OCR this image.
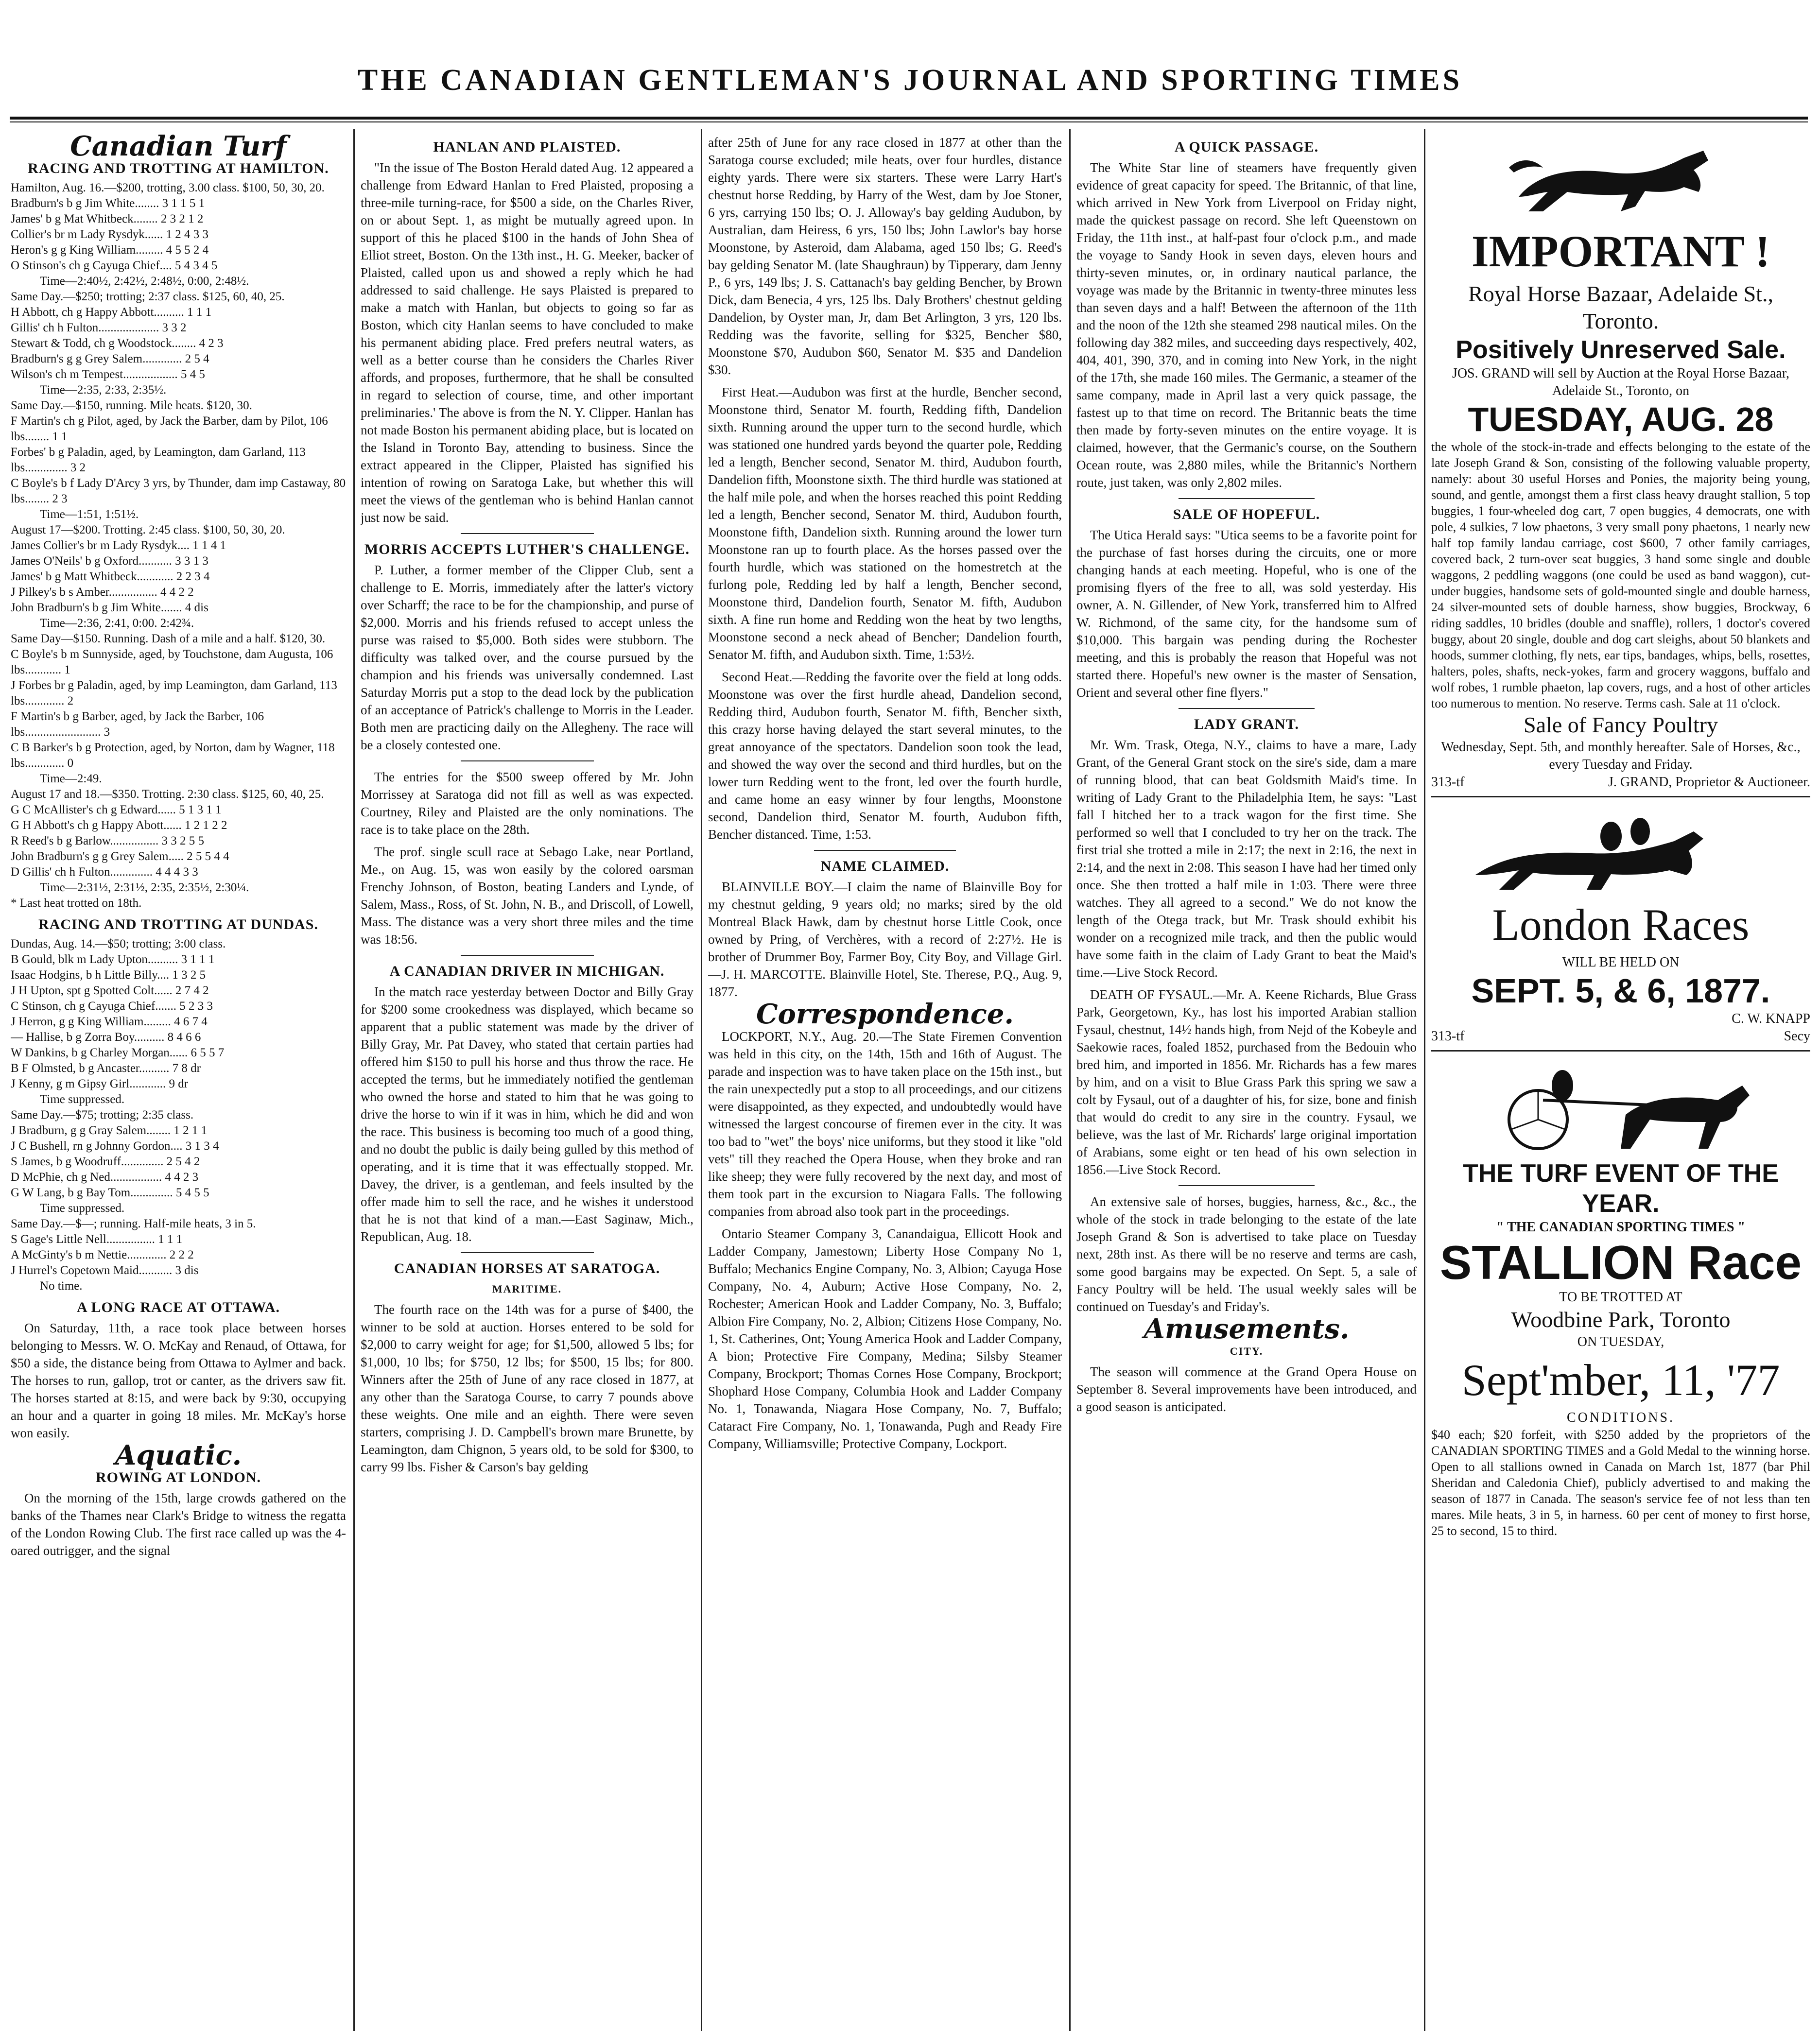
THE CANADIAN GENTLEMAN'S JOURNAL AND SPORTING TIMES
Canadian Turf
RACING AND TROTTING AT HAMILTON.
Hamilton, Aug. 16.—$200, trotting, 3.00 class. $100, 50, 30, 20.
Bradburn's b g Jim White........ 3 1 1 5 1
James' b g Mat Whitbeck........ 2 3 2 1 2
Collier's br m Lady Rysdyk...... 1 2 4 3 3
Heron's g g King William......... 4 5 5 2 4
O Stinson's ch g Cayuga Chief.... 5 4 3 4 5
Time—2:40½, 2:42½, 2:48½, 0:00, 2:48½.
Same Day.—$250; trotting; 2:37 class. $125, 60, 40, 25.
H Abbott, ch g Happy Abbott.......... 1 1 1
Gillis' ch h Fulton.................... 3 3 2
Stewart & Todd, ch g Woodstock........ 4 2 3
Bradburn's g g Grey Salem............. 2 5 4
Wilson's ch m Tempest.................. 5 4 5
Time—2:35, 2:33, 2:35½.
Same Day.—$150, running. Mile heats. $120, 30.
F Martin's ch g Pilot, aged, by Jack the Barber, dam by Pilot, 106 lbs........ 1 1
Forbes' b g Paladin, aged, by Leamington, dam Garland, 113 lbs.............. 3 2
C Boyle's b f Lady D'Arcy 3 yrs, by Thunder, dam imp Castaway, 80 lbs........ 2 3
Time—1:51, 1:51½.
August 17—$200. Trotting. 2:45 class. $100, 50, 30, 20.
James Collier's br m Lady Rysdyk.... 1 1 4 1
James O'Neils' b g Oxford........... 3 3 1 3
James' b g Matt Whitbeck............ 2 2 3 4
J Pilkey's b s Amber................ 4 4 2 2
John Bradburn's b g Jim White....... 4 dis
Time—2:36, 2:41, 0:00. 2:42¾.
Same Day—$150. Running. Dash of a mile and a half. $120, 30.
C Boyle's b m Sunnyside, aged, by Touchstone, dam Augusta, 106 lbs............ 1
J Forbes br g Paladin, aged, by imp Leamington, dam Garland, 113 lbs............. 2
F Martin's b g Barber, aged, by Jack the Barber, 106 lbs......................... 3
C B Barker's b g Protection, aged, by Norton, dam by Wagner, 118 lbs............. 0
Time—2:49.
August 17 and 18.—$350. Trotting. 2:30 class. $125, 60, 40, 25.
G C McAllister's ch g Edward...... 5 1 3 1 1
G H Abbott's ch g Happy Abott...... 1 2 1 2 2
R Reed's b g Barlow................ 3 3 2 5 5
John Bradburn's g g Grey Salem..... 2 5 5 4 4
D Gillis' ch h Fulton.............. 4 4 4 3 3
Time—2:31½, 2:31½, 2:35, 2:35½, 2:30¼.
* Last heat trotted on 18th.
RACING AND TROTTING AT DUNDAS.
Dundas, Aug. 14.—$50; trotting; 3:00 class.
B Gould, blk m Lady Upton.......... 3 1 1 1
Isaac Hodgins, b h Little Billy.... 1 3 2 5
J H Upton, spt g Spotted Colt...... 2 7 4 2
C Stinson, ch g Cayuga Chief....... 5 2 3 3
J Herron, g g King William......... 4 6 7 4
— Hallise, b g Zorra Boy.......... 8 4 6 6
W Dankins, b g Charley Morgan...... 6 5 5 7
B F Olmsted, b g Ancaster.......... 7 8 dr
J Kenny, g m Gipsy Girl............ 9 dr
Time suppressed.
Same Day.—$75; trotting; 2:35 class.
J Bradburn, g g Gray Salem........ 1 2 1 1
J C Bushell, rn g Johnny Gordon.... 3 1 3 4
S James, b g Woodruff.............. 2 5 4 2
D McPhie, ch g Ned................. 4 4 2 3
G W Lang, b g Bay Tom.............. 5 4 5 5
Time suppressed.
Same Day.—$—; running. Half-mile heats, 3 in 5.
S Gage's Little Nell................ 1 1 1
A McGinty's b m Nettie............. 2 2 2
J Hurrel's Copetown Maid........... 3 dis
No time.
A LONG RACE AT OTTAWA.

On Saturday, 11th, a race took place between horses belonging to Messrs. W. O. McKay and Renaud, of Ottawa, for $50 a side, the distance being from Ottawa to Aylmer and back. The horses to run, gallop, trot or canter, as the drivers saw fit. The horses started at 8:15, and were back by 9:30, occupying an hour and a quarter in going 18 miles. Mr. McKay's horse won easily.

Aquatic.
ROWING AT LONDON.

On the morning of the 15th, large crowds gathered on the banks of the Thames near Clark's Bridge to witness the regatta of the London Rowing Club. The first race called up was the 4-oared outrigger, and the signal

HANLAN AND PLAISTED.

"In the issue of The Boston Herald dated Aug. 12 appeared a challenge from Edward Hanlan to Fred Plaisted, proposing a three-mile turning-race, for $500 a side, on the Charles River, on or about Sept. 1, as might be mutually agreed upon. In support of this he placed $100 in the hands of John Shea of Elliot street, Boston. On the 13th inst., H. G. Meeker, backer of Plaisted, called upon us and showed a reply which he had addressed to said challenge. He says Plaisted is prepared to make a match with Hanlan, but objects to going so far as Boston, which city Hanlan seems to have concluded to make his permanent abiding place. Fred prefers neutral waters, as well as a better course than he considers the Charles River affords, and proposes, furthermore, that he shall be consulted in regard to selection of course, time, and other important preliminaries.' The above is from the N. Y. Clipper. Hanlan has not made Boston his permanent abiding place, but is located on the Island in Toronto Bay, attending to business. Since the extract appeared in the Clipper, Plaisted has signified his intention of rowing on Saratoga Lake, but whether this will meet the views of the gentleman who is behind Hanlan cannot just now be said.

MORRIS ACCEPTS LUTHER'S CHALLENGE.

P. Luther, a former member of the Clipper Club, sent a challenge to E. Morris, immediately after the latter's victory over Scharff; the race to be for the championship, and purse of $2,000. Morris and his friends refused to accept unless the purse was raised to $5,000. Both sides were stubborn. The difficulty was talked over, and the course pursued by the champion and his friends was universally condemned. Last Saturday Morris put a stop to the dead lock by the publication of an acceptance of Patrick's challenge to Morris in the Leader. Both men are practicing daily on the Allegheny. The race will be a closely contested one.

The entries for the $500 sweep offered by Mr. John Morrissey at Saratoga did not fill as well as was expected. Courtney, Riley and Plaisted are the only nominations. The race is to take place on the 28th.

The prof. single scull race at Sebago Lake, near Portland, Me., on Aug. 15, was won easily by the colored oarsman Frenchy Johnson, of Boston, beating Landers and Lynde, of Salem, Mass., Ross, of St. John, N. B., and Driscoll, of Lowell, Mass. The distance was a very short three miles and the time was 18:56.

A CANADIAN DRIVER IN MICHIGAN.

In the match race yesterday between Doctor and Billy Gray for $200 some crookedness was displayed, which became so apparent that a public statement was made by the driver of Billy Gray, Mr. Pat Davey, who stated that certain parties had offered him $150 to pull his horse and thus throw the race. He accepted the terms, but he immediately notified the gentleman who owned the horse and stated to him that he was going to drive the horse to win if it was in him, which he did and won the race. This business is becoming too much of a good thing, and no doubt the public is daily being gulled by this method of operating, and it is time that it was effectually stopped. Mr. Davey, the driver, is a gentleman, and feels insulted by the offer made him to sell the race, and he wishes it understood that he is not that kind of a man.—East Saginaw, Mich., Republican, Aug. 18.

CANADIAN HORSES AT SARATOGA.
MARITIME.

The fourth race on the 14th was for a purse of $400, the winner to be sold at auction. Horses entered to be sold for $2,000 to carry weight for age; for $1,500, allowed 5 lbs; for $1,000, 10 lbs; for $750, 12 lbs; for $500, 15 lbs; for 800. Winners after the 25th of June of any race closed in 1877, at any other than the Saratoga Course, to carry 7 pounds above these weights. One mile and an eighth. There were seven starters, comprising J. D. Campbell's brown mare Brunette, by Leamington, dam Chignon, 5 years old, to be sold for $300, to carry 99 lbs. Fisher & Carson's bay gelding

after 25th of June for any race closed in 1877 at other than the Saratoga course excluded; mile heats, over four hurdles, distance eighty yards. There were six starters. These were Larry Hart's chestnut horse Redding, by Harry of the West, dam by Joe Stoner, 6 yrs, carrying 150 lbs; O. J. Alloway's bay gelding Audubon, by Australian, dam Heiress, 6 yrs, 150 lbs; John Lawlor's bay horse Moonstone, by Asteroid, dam Alabama, aged 150 lbs; G. Reed's bay gelding Senator M. (late Shaughraun) by Tipperary, dam Jenny P., 6 yrs, 149 lbs; J. S. Cattanach's bay gelding Bencher, by Brown Dick, dam Benecia, 4 yrs, 125 lbs. Daly Brothers' chestnut gelding Dandelion, by Oyster man, Jr, dam Bet Arlington, 3 yrs, 120 lbs. Redding was the favorite, selling for $325, Bencher $80, Moonstone $70, Audubon $60, Senator M. $35 and Dandelion $30.

First Heat.—Audubon was first at the hurdle, Bencher second, Moonstone third, Senator M. fourth, Redding fifth, Dandelion sixth. Running around the upper turn to the second hurdle, which was stationed one hundred yards beyond the quarter pole, Redding led a length, Bencher second, Senator M. third, Audubon fourth, Dandelion fifth, Moonstone sixth. The third hurdle was stationed at the half mile pole, and when the horses reached this point Redding led a length, Bencher second, Senator M. third, Audubon fourth, Moonstone fifth, Dandelion sixth. Running around the lower turn Moonstone ran up to fourth place. As the horses passed over the fourth hurdle, which was stationed on the homestretch at the furlong pole, Redding led by half a length, Bencher second, Moonstone third, Dandelion fourth, Senator M. fifth, Audubon sixth. A fine run home and Redding won the heat by two lengths, Moonstone second a neck ahead of Bencher; Dandelion fourth, Senator M. fifth, and Audubon sixth. Time, 1:53½.

Second Heat.—Redding the favorite over the field at long odds. Moonstone was over the first hurdle ahead, Dandelion second, Redding third, Audubon fourth, Senator M. fifth, Bencher sixth, this crazy horse having delayed the start several minutes, to the great annoyance of the spectators. Dandelion soon took the lead, and showed the way over the second and third hurdles, but on the lower turn Redding went to the front, led over the fourth hurdle, and came home an easy winner by four lengths, Moonstone second, Dandelion third, Senator M. fourth, Audubon fifth, Bencher distanced. Time, 1:53.

NAME CLAIMED.

BLAINVILLE BOY.—I claim the name of Blainville Boy for my chestnut gelding, 9 years old; no marks; sired by the old Montreal Black Hawk, dam by chestnut horse Little Cook, once owned by Pring, of Verchères, with a record of 2:27½. He is brother of Drummer Boy, Farmer Boy, City Boy, and Village Girl.—J. H. MARCOTTE. Blainville Hotel, Ste. Therese, P.Q., Aug. 9, 1877.

Correspondence.

LOCKPORT, N.Y., Aug. 20.—The State Firemen Convention was held in this city, on the 14th, 15th and 16th of August. The parade and inspection was to have taken place on the 15th inst., but the rain unexpectedly put a stop to all proceedings, and our citizens were disappointed, as they expected, and undoubtedly would have witnessed the largest concourse of firemen ever in the city. It was too bad to "wet" the boys' nice uniforms, but they stood it like "old vets" till they reached the Opera House, when they broke and ran like sheep; they were fully recovered by the next day, and most of them took part in the excursion to Niagara Falls. The following companies from abroad also took part in the proceedings.

Ontario Steamer Company 3, Canandaigua, Ellicott Hook and Ladder Company, Jamestown; Liberty Hose Company No 1, Buffalo; Mechanics Engine Company, No. 3, Albion; Cayuga Hose Company, No. 4, Auburn; Active Hose Company, No. 2, Rochester; American Hook and Ladder Company, No. 3, Buffalo; Albion Fire Company, No. 2, Albion; Citizens Hose Company, No. 1, St. Catherines, Ont; Young America Hook and Ladder Company, A bion; Protective Fire Company, Medina; Silsby Steamer Company, Brockport; Thomas Cornes Hose Company, Brockport; Shophard Hose Company, Columbia Hook and Ladder Company No. 1, Tonawanda, Niagara Hose Company, No. 7, Buffalo; Cataract Fire Company, No. 1, Tonawanda, Pugh and Ready Fire Company, Williamsville; Protective Company, Lockport.

A QUICK PASSAGE.

The White Star line of steamers have frequently given evidence of great capacity for speed. The Britannic, of that line, which arrived in New York from Liverpool on Friday night, made the quickest passage on record. She left Queenstown on Friday, the 11th inst., at half-past four o'clock p.m., and made the voyage to Sandy Hook in seven days, eleven hours and thirty-seven minutes, or, in ordinary nautical parlance, the voyage was made by the Britannic in twenty-three minutes less than seven days and a half! Between the afternoon of the 11th and the noon of the 12th she steamed 298 nautical miles. On the following day 382 miles, and succeeding days respectively, 402, 404, 401, 390, 370, and in coming into New York, in the night of the 17th, she made 160 miles. The Germanic, a steamer of the same company, made in April last a very quick passage, the fastest up to that time on record. The Britannic beats the time then made by forty-seven minutes on the entire voyage. It is claimed, however, that the Germanic's course, on the Southern Ocean route, was 2,880 miles, while the Britannic's Northern route, just taken, was only 2,802 miles.

SALE OF HOPEFUL.

The Utica Herald says: "Utica seems to be a favorite point for the purchase of fast horses during the circuits, one or more changing hands at each meeting. Hopeful, who is one of the promising flyers of the free to all, was sold yesterday. His owner, A. N. Gillender, of New York, transferred him to Alfred W. Richmond, of the same city, for the handsome sum of $10,000. This bargain was pending during the Rochester meeting, and this is probably the reason that Hopeful was not started there. Hopeful's new owner is the master of Sensation, Orient and several other fine flyers."

LADY GRANT.

Mr. Wm. Trask, Otega, N.Y., claims to have a mare, Lady Grant, of the General Grant stock on the sire's side, dam a mare of running blood, that can beat Goldsmith Maid's time. In writing of Lady Grant to the Philadelphia Item, he says: "Last fall I hitched her to a track wagon for the first time. She performed so well that I concluded to try her on the track. The first trial she trotted a mile in 2:17; the next in 2:16, the next in 2:14, and the next in 2:08. This season I have had her timed only once. She then trotted a half mile in 1:03. There were three watches. They all agreed to a second." We do not know the length of the Otega track, but Mr. Trask should exhibit his wonder on a recognized mile track, and then the public would have some faith in the claim of Lady Grant to beat the Maid's time.—Live Stock Record.

DEATH OF FYSAUL.—Mr. A. Keene Richards, Blue Grass Park, Georgetown, Ky., has lost his imported Arabian stallion Fysaul, chestnut, 14½ hands high, from Nejd of the Kobeyle and Saekowie races, foaled 1852, purchased from the Bedouin who bred him, and imported in 1856. Mr. Richards has a few mares by him, and on a visit to Blue Grass Park this spring we saw a colt by Fysaul, out of a daughter of his, for size, bone and finish that would do credit to any sire in the country. Fysaul, we believe, was the last of Mr. Richards' large original importation of Arabians, some eight or ten head of his own selection in 1856.—Live Stock Record.

An extensive sale of horses, buggies, harness, &c., &c., the whole of the stock in trade belonging to the estate of the late Joseph Grand & Son is advertised to take place on Tuesday next, 28th inst. As there will be no reserve and terms are cash, some good bargains may be expected. On Sept. 5, a sale of Fancy Poultry will be held. The usual weekly sales will be continued on Tuesday's and Friday's.

Amusements.
CITY.

The season will commence at the Grand Opera House on September 8. Several improvements have been introduced, and a good season is anticipated.

IMPORTANT !
Royal Horse Bazaar, Adelaide St., Toronto.
Positively Unreserved Sale.
JOS. GRAND will sell by Auction at the Royal Horse Bazaar, Adelaide St., Toronto, on
TUESDAY, AUG. 28
the whole of the stock-in-trade and effects belonging to the estate of the late Joseph Grand & Son, consisting of the following valuable property, namely: about 30 useful Horses and Ponies, the majority being young, sound, and gentle, amongst them a first class heavy draught stallion, 5 top buggies, 1 four-wheeled dog cart, 7 open buggies, 4 democrats, one with pole, 4 sulkies, 7 low phaetons, 3 very small pony phaetons, 1 nearly new half top family landau carriage, cost $600, 7 other family carriages, covered back, 2 turn-over seat buggies, 3 hand some single and double waggons, 2 peddling waggons (one could be used as band waggon), cut-under buggies, handsome sets of gold-mounted single and double harness, 24 silver-mounted sets of double harness, show buggies, Brockway, 6 riding saddles, 10 bridles (double and snaffle), rollers, 1 doctor's covered buggy, about 20 single, double and dog cart sleighs, about 50 blankets and hoods, summer clothing, fly nets, ear tips, bandages, whips, bells, rosettes, halters, poles, shafts, neck-yokes, farm and grocery waggons, buffalo and wolf robes, 1 rumble phaeton, lap covers, rugs, and a host of other articles too numerous to mention. No reserve. Terms cash. Sale at 11 o'clock.
Sale of Fancy Poultry
Wednesday, Sept. 5th, and monthly hereafter. Sale of Horses, &c., every Tuesday and Friday.
313-tf	J. GRAND, Proprietor & Auctioneer.
London Races
WILL BE HELD ON
SEPT. 5, & 6, 1877.
C. W. KNAPP
313-tf	Secy
THE TURF EVENT OF THE YEAR.
" THE CANADIAN SPORTING TIMES "
STALLION Race
TO BE TROTTED AT
Woodbine Park, Toronto
ON TUESDAY,
Sept'mber, 11, '77
CONDITIONS.
$40 each; $20 forfeit, with $250 added by the proprietors of the CANADIAN SPORTING TIMES and a Gold Medal to the winning horse. Open to all stallions owned in Canada on March 1st, 1877 (bar Phil Sheridan and Caledonia Chief), publicly advertised to and making the season of 1877 in Canada. The season's service fee of not less than ten mares. Mile heats, 3 in 5, in harness. 60 per cent of money to first horse, 25 to second, 15 to third.
